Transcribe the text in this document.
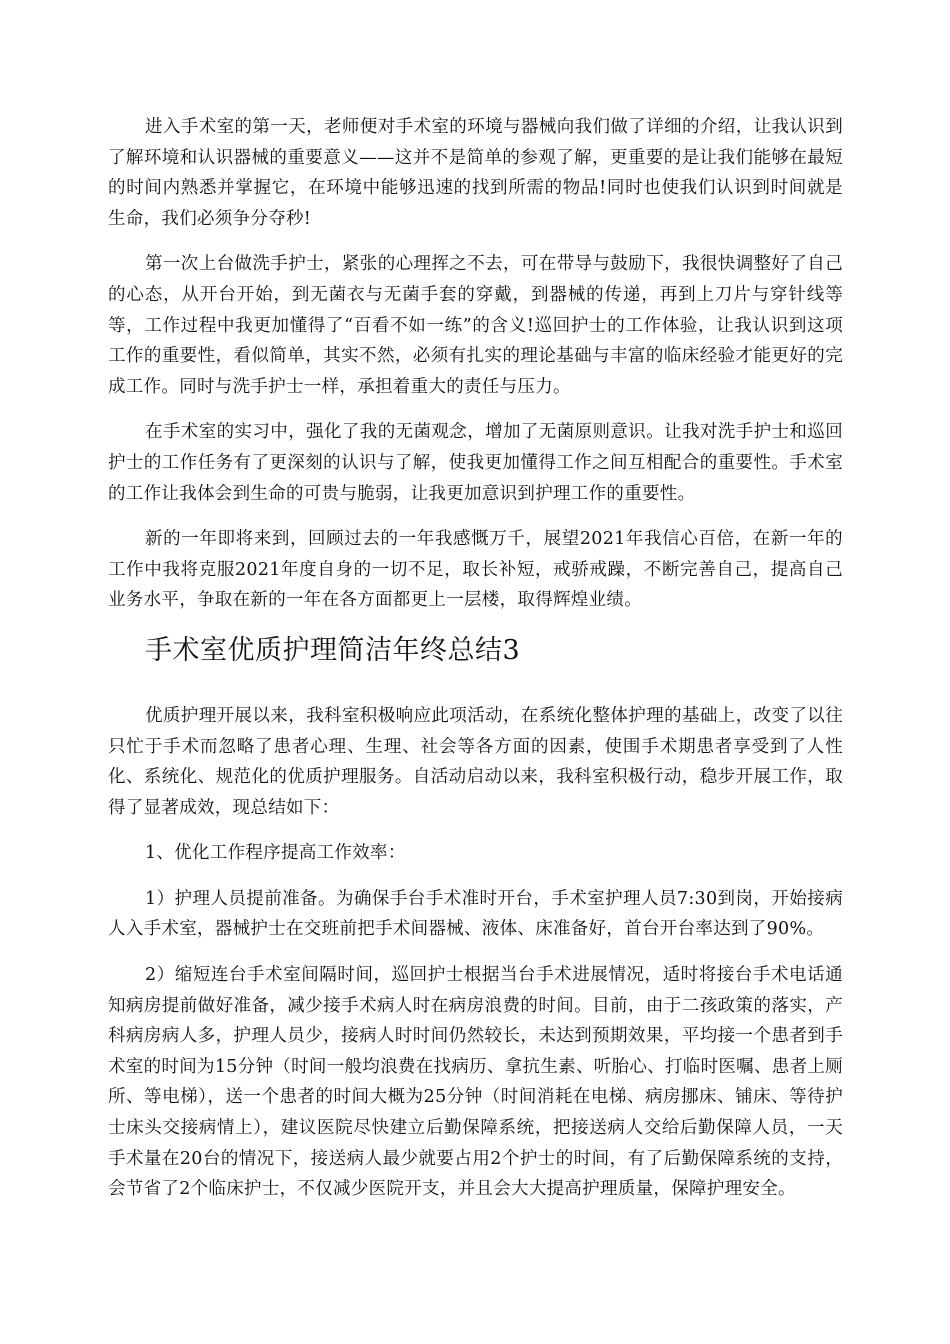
进入手术室的第一天，老师便对手术室的环境与器械向我们做了详细的介绍，让我认识到了解环境和认识器械的重要意义——这并不是简单的参观了解，更重要的是让我们能够在最短的时间内熟悉并掌握它，在环境中能够迅速的找到所需的物品!同时也使我们认识到时间就是生命，我们必须争分夺秒!

第一次上台做洗手护士，紧张的心理挥之不去，可在带导与鼓励下，我很快调整好了自己的心态，从开台开始，到无菌衣与无菌手套的穿戴，到器械的传递，再到上刀片与穿针线等等，工作过程中我更加懂得了“百看不如一练”的含义!巡回护士的工作体验，让我认识到这项工作的重要性，看似简单，其实不然，必须有扎实的理论基础与丰富的临床经验才能更好的完成工作。同时与洗手护士一样，承担着重大的责任与压力。

在手术室的实习中，强化了我的无菌观念，增加了无菌原则意识。让我对洗手护士和巡回护士的工作任务有了更深刻的认识与了解，使我更加懂得工作之间互相配合的重要性。手术室的工作让我体会到生命的可贵与脆弱，让我更加意识到护理工作的重要性。

新的一年即将来到，回顾过去的一年我感慨万千，展望2021年我信心百倍，在新一年的工作中我将克服2021年度自身的一切不足，取长补短，戒骄戒躁，不断完善自己，提高自己业务水平，争取在新的一年在各方面都更上一层楼，取得辉煌业绩。

手术室优质护理简洁年终总结3

优质护理开展以来，我科室积极响应此项活动，在系统化整体护理的基础上，改变了以往只忙于手术而忽略了患者心理、生理、社会等各方面的因素，使围手术期患者享受到了人性化、系统化、规范化的优质护理服务。自活动启动以来，我科室积极行动，稳步开展工作，取得了显著成效，现总结如下：

1、优化工作程序提高工作效率：

1）护理人员提前准备。为确保手台手术准时开台，手术室护理人员7:30到岗，开始接病人入手术室，器械护士在交班前把手术间器械、液体、床准备好，首台开台率达到了90%。

2）缩短连台手术室间隔时间，巡回护士根据当台手术进展情况，适时将接台手术电话通知病房提前做好准备，减少接手术病人时在病房浪费的时间。目前，由于二孩政策的落实，产科病房病人多，护理人员少，接病人时时间仍然较长，未达到预期效果，平均接一个患者到手术室的时间为15分钟（时间一般均浪费在找病历、拿抗生素、听胎心、打临时医嘱、患者上厕所、等电梯），送一个患者的时间大概为25分钟（时间消耗在电梯、病房挪床、铺床、等待护士床头交接病情上），建议医院尽快建立后勤保障系统，把接送病人交给后勤保障人员，一天手术量在20台的情况下，接送病人最少就要占用2个护士的时间，有了后勤保障系统的支持，会节省了2个临床护士，不仅减少医院开支，并且会大大提高护理质量，保障护理安全。
